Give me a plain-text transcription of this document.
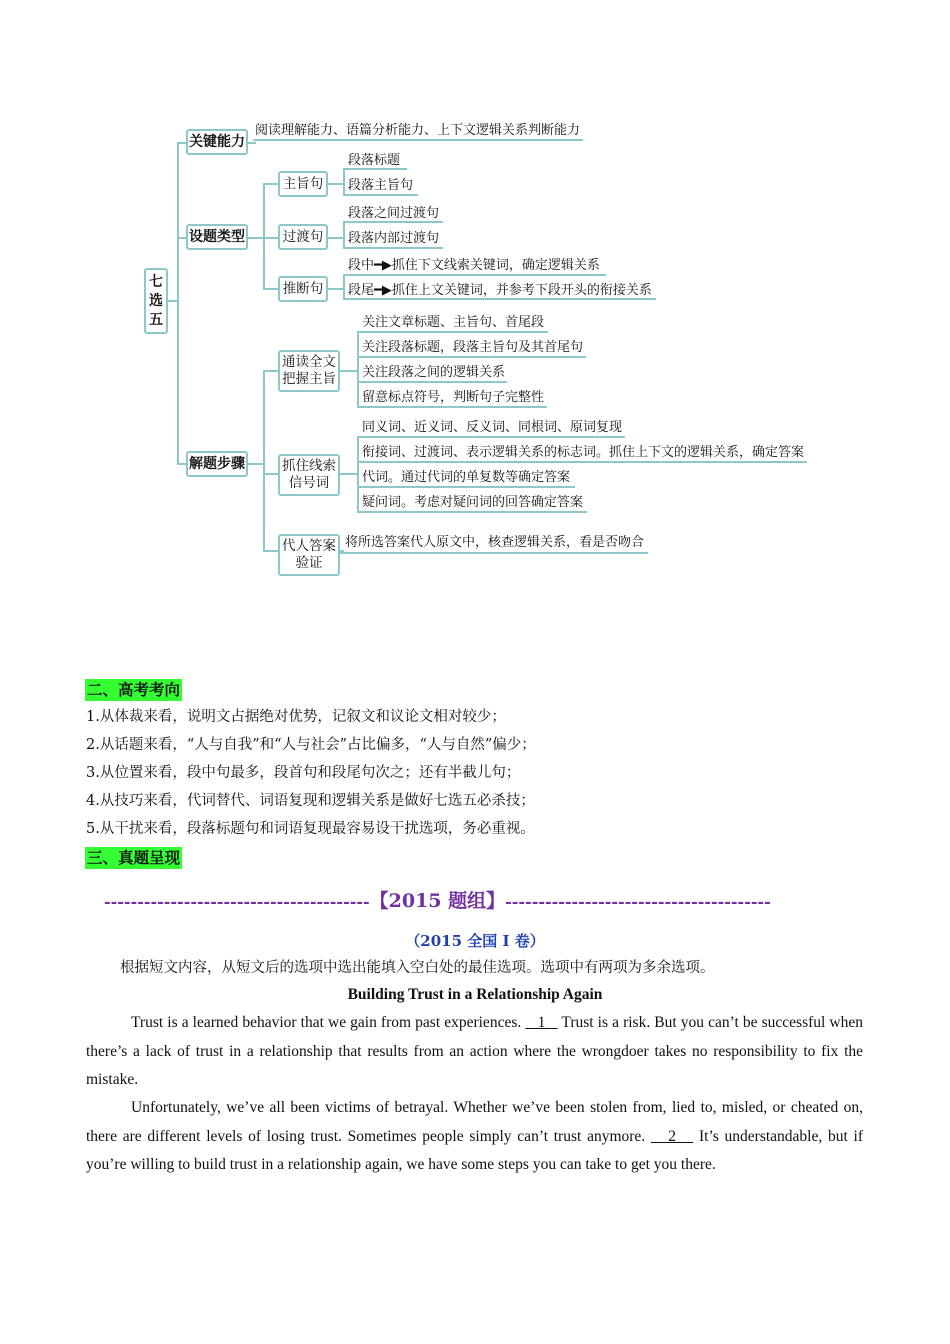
七选五
关键能力
阅读理解能力、语篇分析能力、上下文逻辑关系判断能力
设题类型
主旨句
段落标题
段落主旨句
过渡句
段落之间过渡句
段落内部过渡句
推断句
段中━▶抓住下文线索关键词，确定逻辑关系
段尾━▶抓住上文关键词，并参考下段开头的衔接关系
解题步骤
通读全文把握主旨
关注文章标题、主旨句、首尾段
关注段落标题，段落主旨句及其首尾句
关注段落之间的逻辑关系
留意标点符号，判断句子完整性
抓住线索信号词
同义词、近义词、反义词、同根词、原词复现
衔接词、过渡词、表示逻辑关系的标志词。抓住上下文的逻辑关系，确定答案
代词。通过代词的单复数等确定答案
疑问词。考虑对疑问词的回答确定答案
代人答案验证
将所选答案代人原文中，核查逻辑关系，看是否吻合
二、高考考向
1.从体裁来看，说明文占据绝对优势，记叙文和议论文相对较少；
2.从话题来看，“人与自我”和“人与社会”占比偏多，“人与自然”偏少；
3.从位置来看，段中句最多，段首句和段尾句次之；还有半截儿句；
4.从技巧来看，代词替代、词语复现和逻辑关系是做好七选五必杀技；
5.从干扰来看，段落标题句和词语复现最容易设干扰选项，务必重视。
三、真题呈现
----------------------------------------【2015 题组】----------------------------------------
（2015 全国 I 卷）
根据短文内容，从短文后的选项中选出能填入空白处的最佳选项。选项中有两项为多余选项。
Building Trust in a Relationship Again
Trust is a learned behavior that we gain from past experiences.    1    Trust is a risk. But you can’t be successful when there’s a lack of trust in a relationship that results from an action where the wrongdoer takes no responsibility to fix the mistake.
Unfortunately, we’ve all been victims of betrayal. Whether we’ve been stolen from, lied to, misled, or cheated on, there are different levels of losing trust. Sometimes people simply can’t trust anymore.    2    It’s understandable, but if you’re willing to build trust in a relationship again, we have some steps you can take to get you there.
